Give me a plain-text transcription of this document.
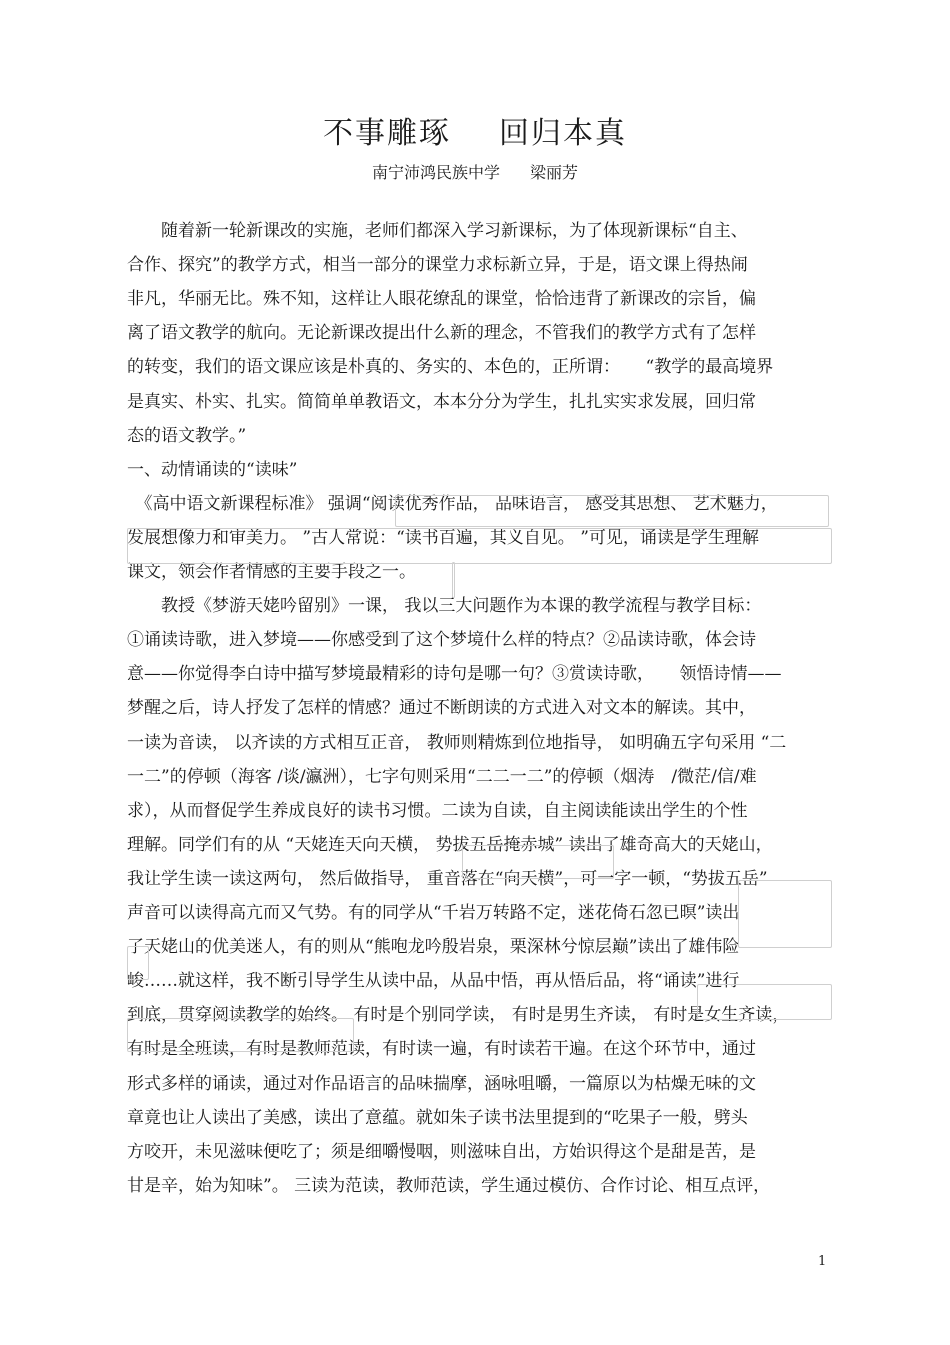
不事雕琢 回归本真
南宁沛鸿民族中学 梁丽芳
　　随着新一轮新课改的实施，老师们都深入学习新课标，为了体现新课标“自主、
合作、探究”的教学方式，相当一部分的课堂力求标新立异，于是，语文课上得热闹
非凡，华丽无比。殊不知，这样让人眼花缭乱的课堂，恰恰违背了新课改的宗旨，偏
离了语文教学的航向。无论新课改提出什么新的理念，不管我们的教学方式有了怎样
的转变，我们的语文课应该是朴真的、务实的、本色的，正所谓：　　“教学的最高境界
是真实、朴实、扎实。简简单单教语文，本本分分为学生，扎扎实实求发展，回归常
态的语文教学。”
一、动情诵读的“读味”
　《高中语文新课程标准》 强调“阅读优秀作品， 品味语言， 感受其思想、 艺术魅力，
发展想像力和审美力。 ”古人常说：“读书百遍，其义自见。 ”可见，诵读是学生理解
课文，领会作者情感的主要手段之一。
　　教授《梦游天姥吟留别》一课， 我以三大问题作为本课的教学流程与教学目标：
①诵读诗歌，进入梦境——你感受到了这个梦境什么样的特点？②品读诗歌，体会诗
意——你觉得李白诗中描写梦境最精彩的诗句是哪一句？③赏读诗歌，　　领悟诗情——
梦醒之后，诗人抒发了怎样的情感？通过不断朗读的方式进入对文本的解读。其中，
一读为音读， 以齐读的方式相互正音， 教师则精炼到位地指导， 如明确五字句采用 “二
一二”的停顿（海客 /谈/瀛洲），七字句则采用“二二一二”的停顿（烟涛　/微茫/信/难
求），从而督促学生养成良好的读书习惯。二读为自读，自主阅读能读出学生的个性
理解。同学们有的从 “天姥连天向天横， 势拔五岳掩赤城” 读出了雄奇高大的天姥山，
我让学生读一读这两句， 然后做指导， 重音落在“向天横”，可一字一顿，“势拔五岳”
声音可以读得高亢而又气势。有的同学从“千岩万转路不定，迷花倚石忽已暝”读出
了天姥山的优美迷人，有的则从“熊咆龙吟殷岩泉，栗深林兮惊层巅”读出了雄伟险
峻……就这样，我不断引导学生从读中品，从品中悟，再从悟后品，将“诵读”进行
到底，贯穿阅读教学的始终。 有时是个别同学读， 有时是男生齐读， 有时是女生齐读，
有时是全班读，有时是教师范读，有时读一遍，有时读若干遍。在这个环节中，通过
形式多样的诵读，通过对作品语言的品味揣摩，涵咏咀嚼，一篇原以为枯燥无味的文
章竟也让人读出了美感，读出了意蕴。就如朱子读书法里提到的“吃果子一般，劈头
方咬开，未见滋味便吃了；须是细嚼慢咽，则滋味自出，方始识得这个是甜是苦，是
甘是辛，始为知味”。 三读为范读，教师范读，学生通过模仿、合作讨论、相互点评，
1
